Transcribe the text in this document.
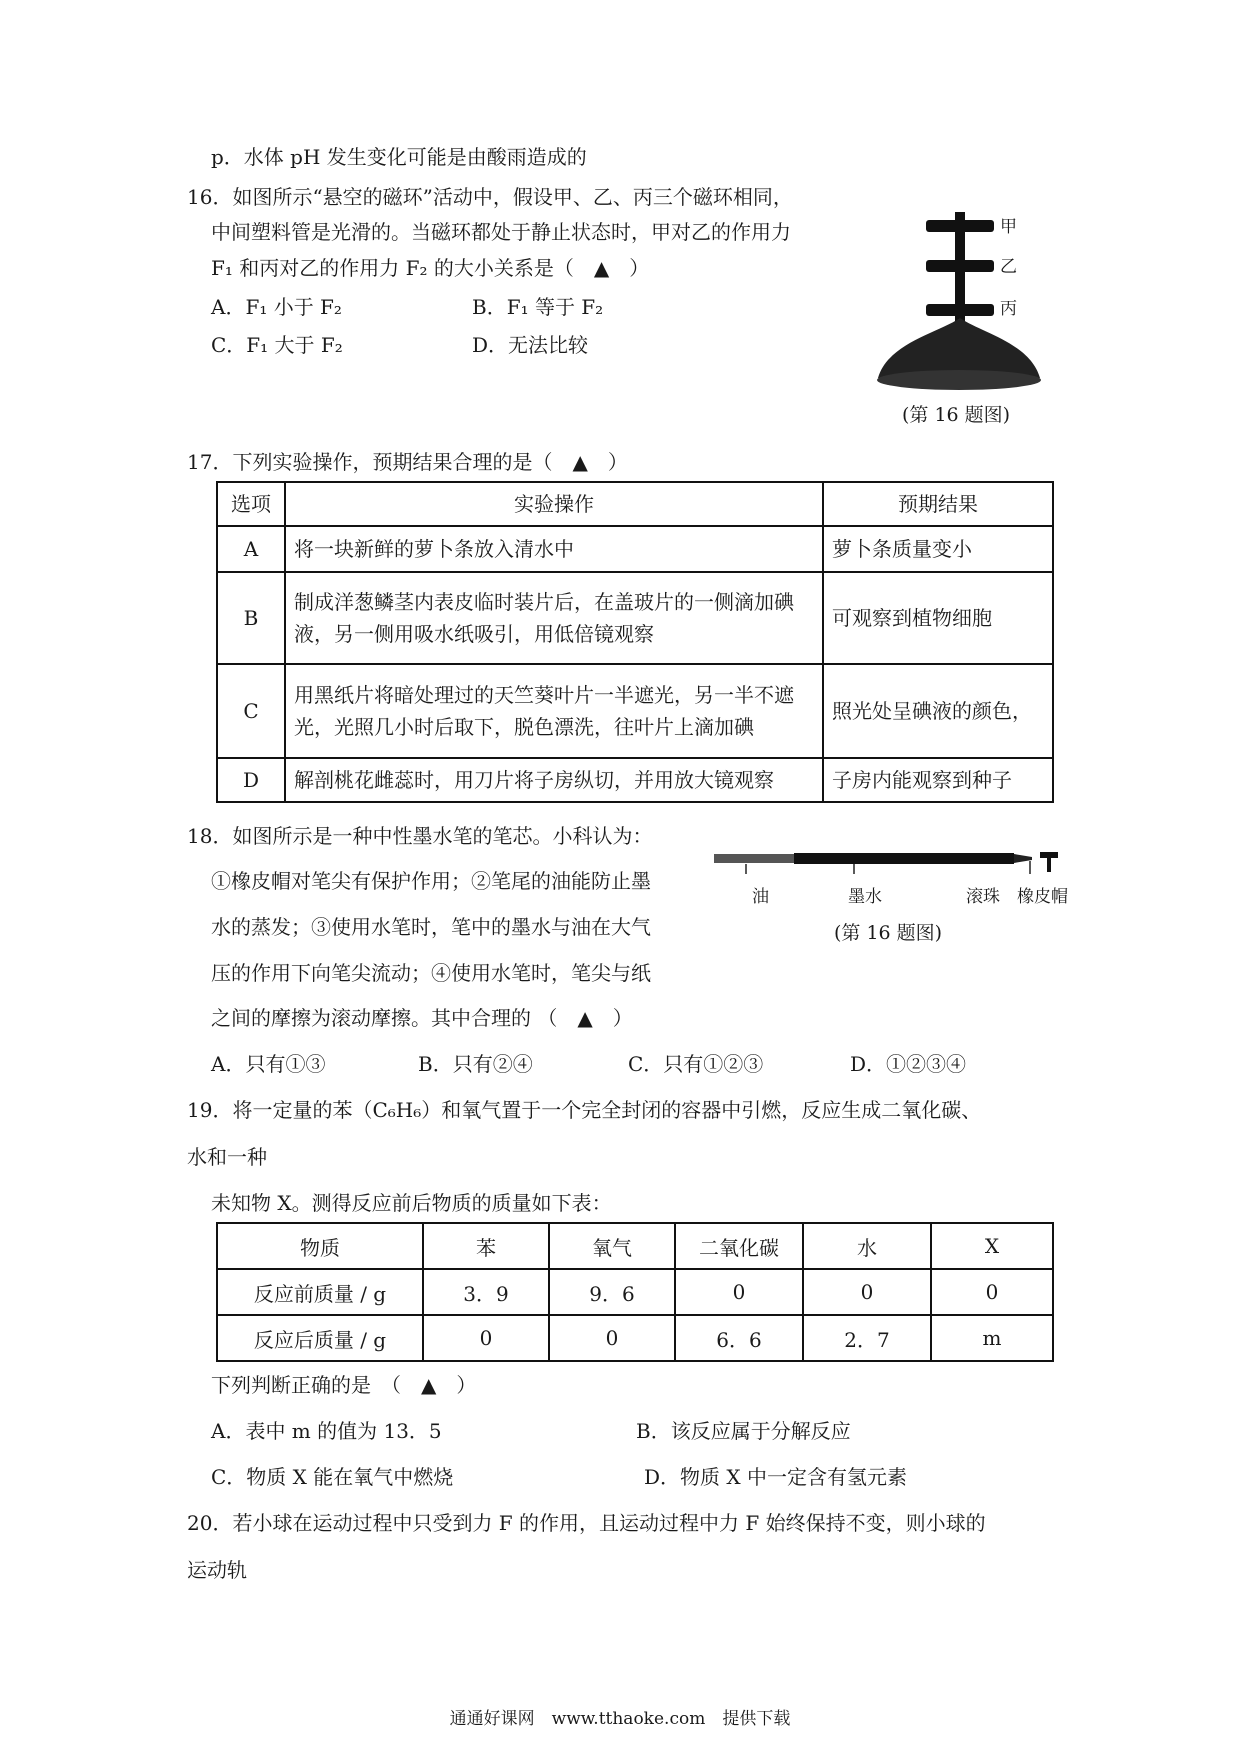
p．水体 pH 发生变化可能是由酸雨造成的
16．如图所示“悬空的磁环”活动中，假设甲、乙、丙三个磁环相同，
中间塑料管是光滑的。当磁环都处于静止状态时，甲对乙的作用力
F₁ 和丙对乙的作用力 F₂ 的大小关系是（　▲　）
A．F₁ 小于 F₂	B．F₁ 等于 F₂
C．F₁ 大于 F₂	D．无法比较
甲
乙
丙
(第 16 题图)
17．下列实验操作，预期结果合理的是（　▲　）
选项	实验操作	预期结果
A	将一块新鲜的萝卜条放入清水中	萝卜条质量变小
B	制成洋葱鳞茎内表皮临时装片后，在盖玻片的一侧滴加碘液，另一侧用吸水纸吸引，用低倍镜观察	可观察到植物细胞
C	用黑纸片将暗处理过的天竺葵叶片一半遮光，另一半不遮光，光照几小时后取下，脱色漂洗，往叶片上滴加碘	照光处呈碘液的颜色，
D	解剖桃花雌蕊时，用刀片将子房纵切，并用放大镜观察	子房内能观察到种子
18．如图所示是一种中性墨水笔的笔芯。小科认为：
①橡皮帽对笔尖有保护作用；②笔尾的油能防止墨
水的蒸发；③使用水笔时，笔中的墨水与油在大气
压的作用下向笔尖流动；④使用水笔时，笔尖与纸
之间的摩擦为滚动摩擦。其中合理的 （　▲　）
油	墨水	滚珠 橡皮帽
(第 16 题图)
A．只有①③	B．只有②④	C．只有①②③	D．①②③④
19．将一定量的苯（C₆H₆）和氧气置于一个完全封闭的容器中引燃，反应生成二氧化碳、
水和一种
未知物 X。测得反应前后物质的质量如下表：
物质	苯	氧气	二氧化碳	水	X
反应前质量 / g	3．9	9．6	0	0	0
反应后质量 / g	0	0	6．6	2．7	m
下列判断正确的是　（　▲　）
A．表中 m 的值为 13．5	B．该反应属于分解反应
C．物质 X 能在氧气中燃烧	D．物质 X 中一定含有氢元素
20．若小球在运动过程中只受到力 F 的作用，且运动过程中力 F 始终保持不变，则小球的
运动轨
通通好课网　www.tthaoke.com　提供下载
